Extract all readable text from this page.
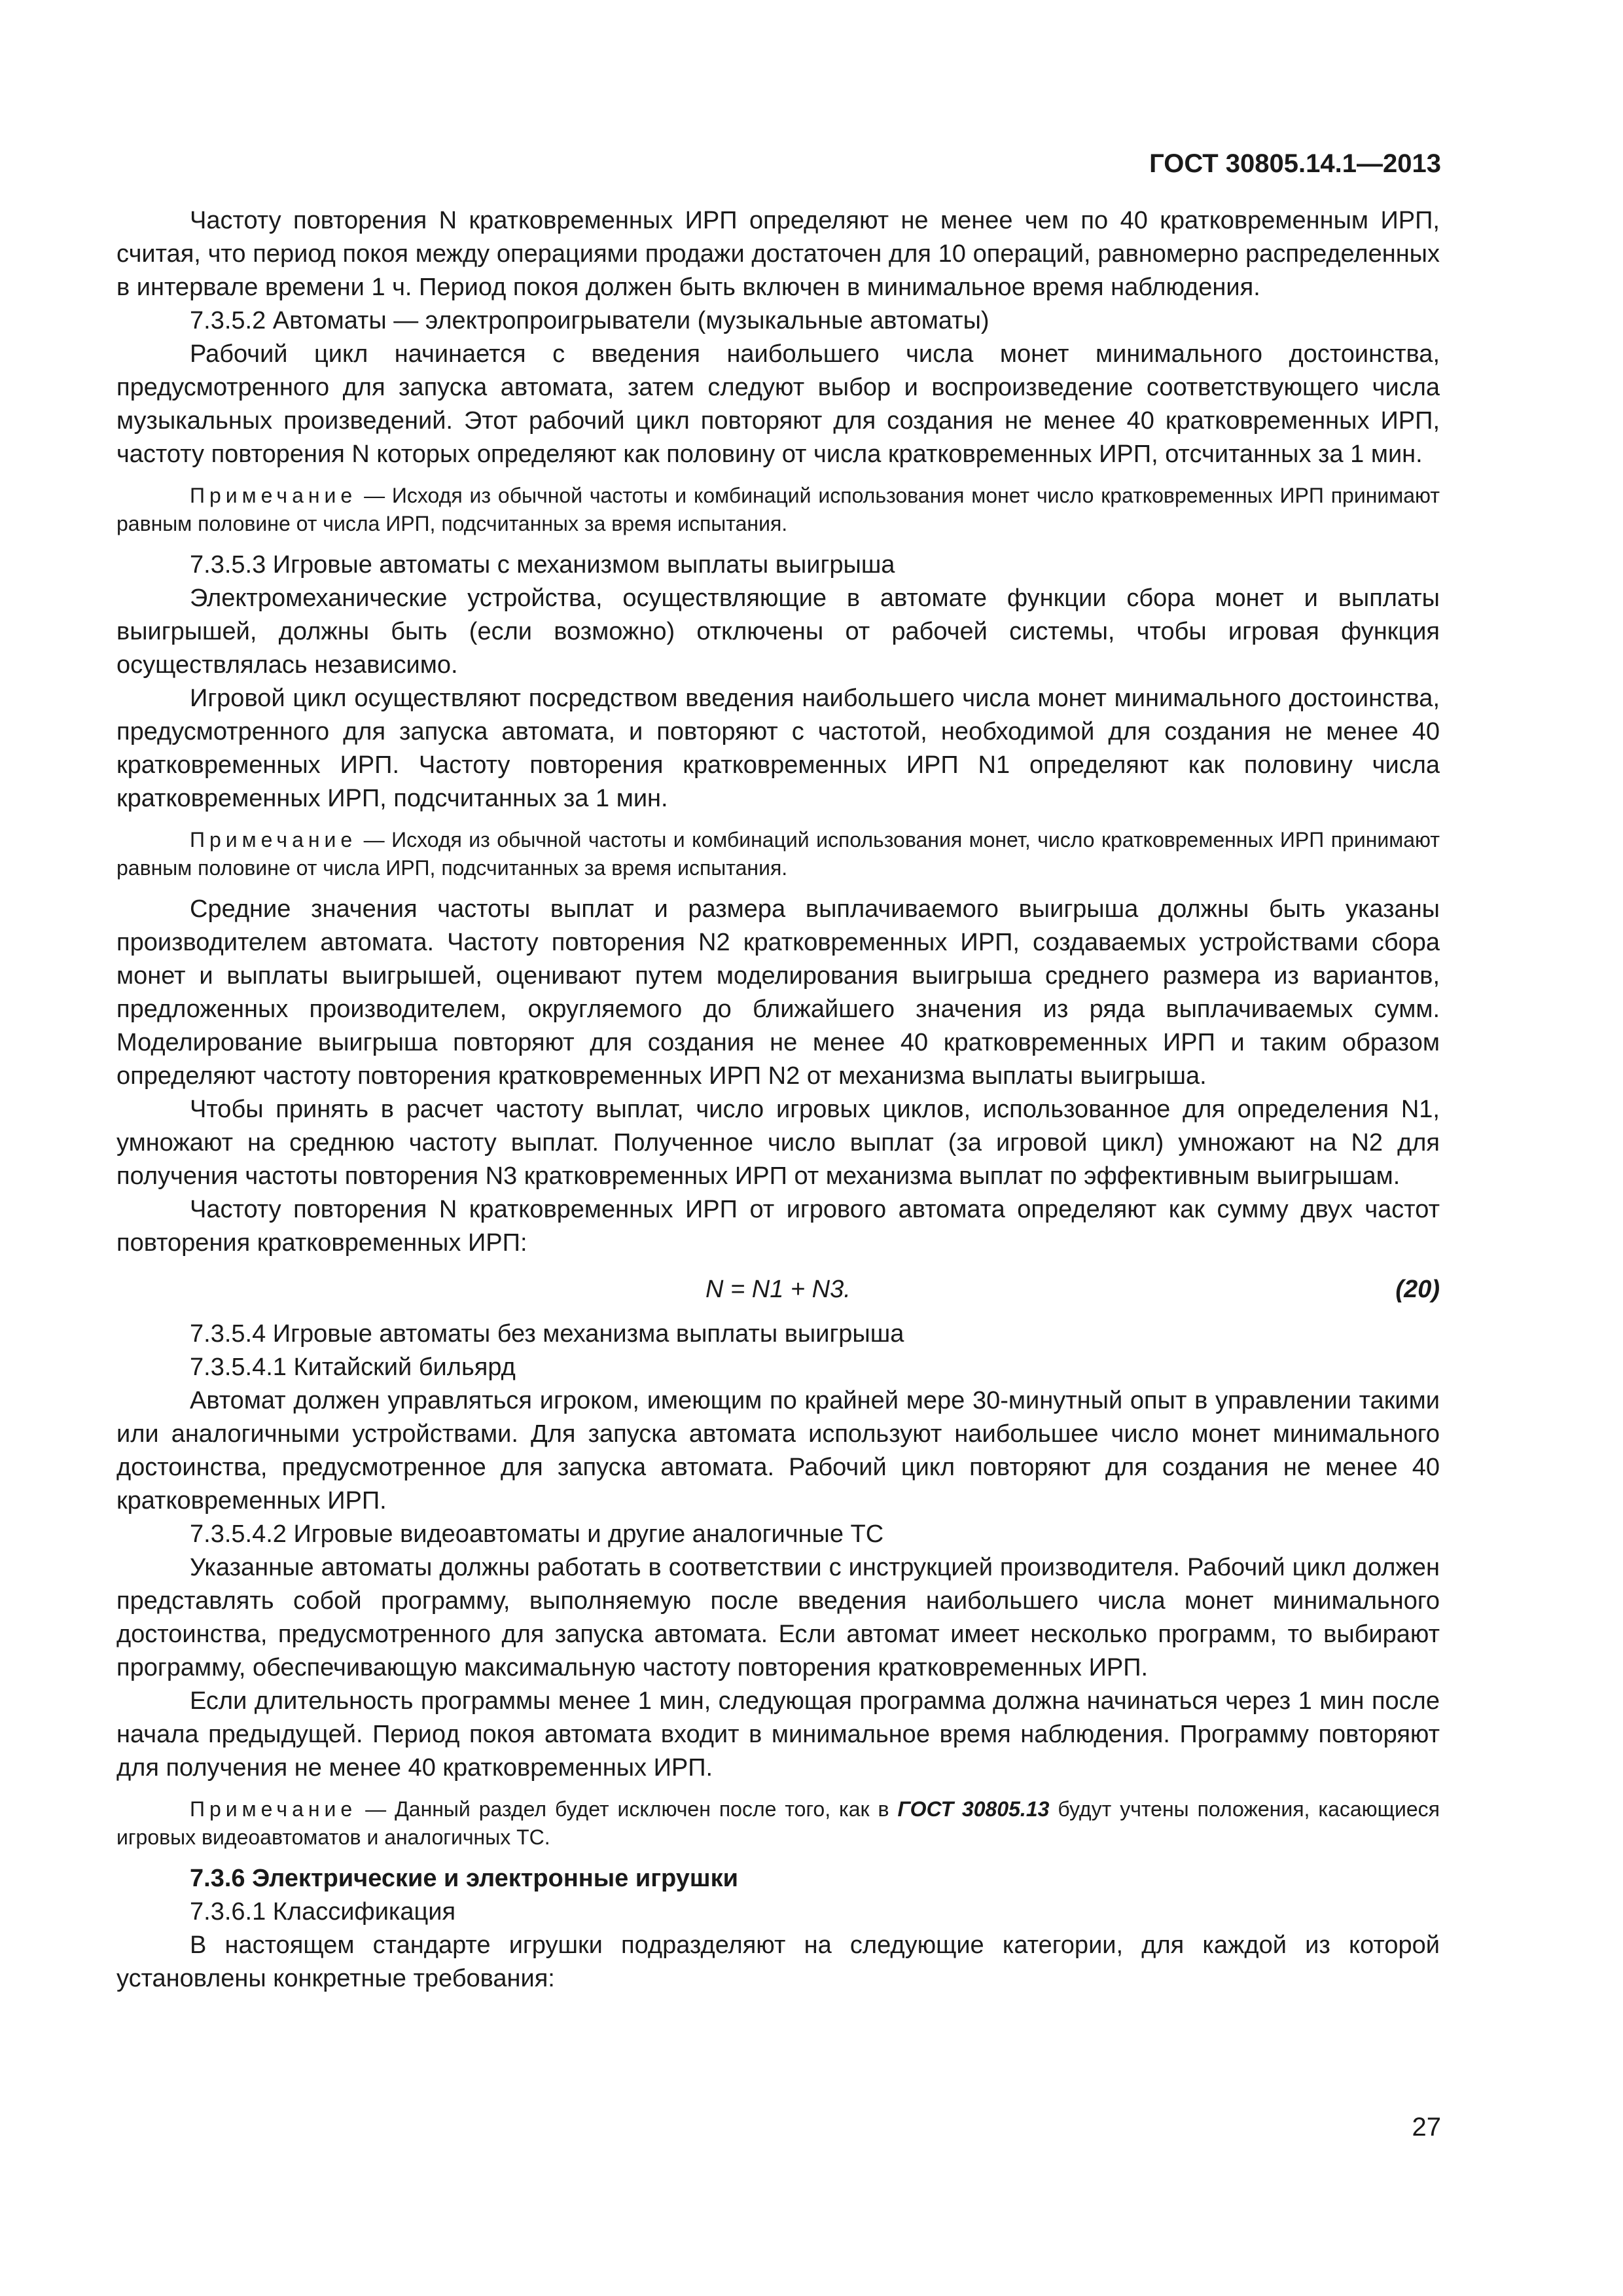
ГОСТ 30805.14.1—2013

Частоту повторения N кратковременных ИРП определяют не менее чем по 40 кратковременным ИРП, считая, что период покоя между операциями продажи достаточен для 10 операций, равномерно распределенных в интервале времени 1 ч. Период покоя должен быть включен в минимальное время наблюдения.

7.3.5.2 Автоматы — электропроигрыватели (музыкальные автоматы)

Рабочий цикл начинается с введения наибольшего числа монет минимального достоинства, предусмотренного для запуска автомата, затем следуют выбор и воспроизведение соответствующего числа музыкальных произведений. Этот рабочий цикл повторяют для создания не менее 40 кратковременных ИРП, частоту повторения N которых определяют как половину от числа кратковременных ИРП, отсчитанных за 1 мин.

Примечание — Исходя из обычной частоты и комбинаций использования монет число кратковременных ИРП принимают равным половине от числа ИРП, подсчитанных за время испытания.

7.3.5.3 Игровые автоматы с механизмом выплаты выигрыша

Электромеханические устройства, осуществляющие в автомате функции сбора монет и выплаты выигрышей, должны быть (если возможно) отключены от рабочей системы, чтобы игровая функция осуществлялась независимо.

Игровой цикл осуществляют посредством введения наибольшего числа монет минимального достоинства, предусмотренного для запуска автомата, и повторяют с частотой, необходимой для создания не менее 40 кратковременных ИРП. Частоту повторения кратковременных ИРП N1 определяют как половину числа кратковременных ИРП, подсчитанных за 1 мин.

Примечание — Исходя из обычной частоты и комбинаций использования монет, число кратковременных ИРП принимают равным половине от числа ИРП, подсчитанных за время испытания.

Средние значения частоты выплат и размера выплачиваемого выигрыша должны быть указаны производителем автомата. Частоту повторения N2 кратковременных ИРП, создаваемых устройствами сбора монет и выплаты выигрышей, оценивают путем моделирования выигрыша среднего размера из вариантов, предложенных производителем, округляемого до ближайшего значения из ряда выплачиваемых сумм. Моделирование выигрыша повторяют для создания не менее 40 кратковременных ИРП и таким образом определяют частоту повторения кратковременных ИРП N2 от механизма выплаты выигрыша.

Чтобы принять в расчет частоту выплат, число игровых циклов, использованное для определения N1, умножают на среднюю частоту выплат. Полученное число выплат (за игровой цикл) умножают на N2 для получения частоты повторения N3 кратковременных ИРП от механизма выплат по эффективным выигрышам.

Частоту повторения N кратковременных ИРП от игрового автомата определяют как сумму двух частот повторения кратковременных ИРП:

N = N1 + N3.	(20)

7.3.5.4 Игровые автоматы без механизма выплаты выигрыша

7.3.5.4.1 Китайский бильярд

Автомат должен управляться игроком, имеющим по крайней мере 30-минутный опыт в управлении такими или аналогичными устройствами. Для запуска автомата используют наибольшее число монет минимального достоинства, предусмотренное для запуска автомата. Рабочий цикл повторяют для создания не менее 40 кратковременных ИРП.

7.3.5.4.2 Игровые видеоавтоматы и другие аналогичные ТС

Указанные автоматы должны работать в соответствии с инструкцией производителя. Рабочий цикл должен представлять собой программу, выполняемую после введения наибольшего числа монет минимального достоинства, предусмотренного для запуска автомата. Если автомат имеет несколько программ, то выбирают программу, обеспечивающую максимальную частоту повторения кратковременных ИРП.

Если длительность программы менее 1 мин, следующая программа должна начинаться через 1 мин после начала предыдущей. Период покоя автомата входит в минимальное время наблюдения. Программу повторяют для получения не менее 40 кратковременных ИРП.

Примечание — Данный раздел будет исключен после того, как в ГОСТ 30805.13 будут учтены положения, касающиеся игровых видеоавтоматов и аналогичных ТС.

7.3.6 Электрические и электронные игрушки

7.3.6.1 Классификация

В настоящем стандарте игрушки подразделяют на следующие категории, для каждой из которой установлены конкретные требования:

27
